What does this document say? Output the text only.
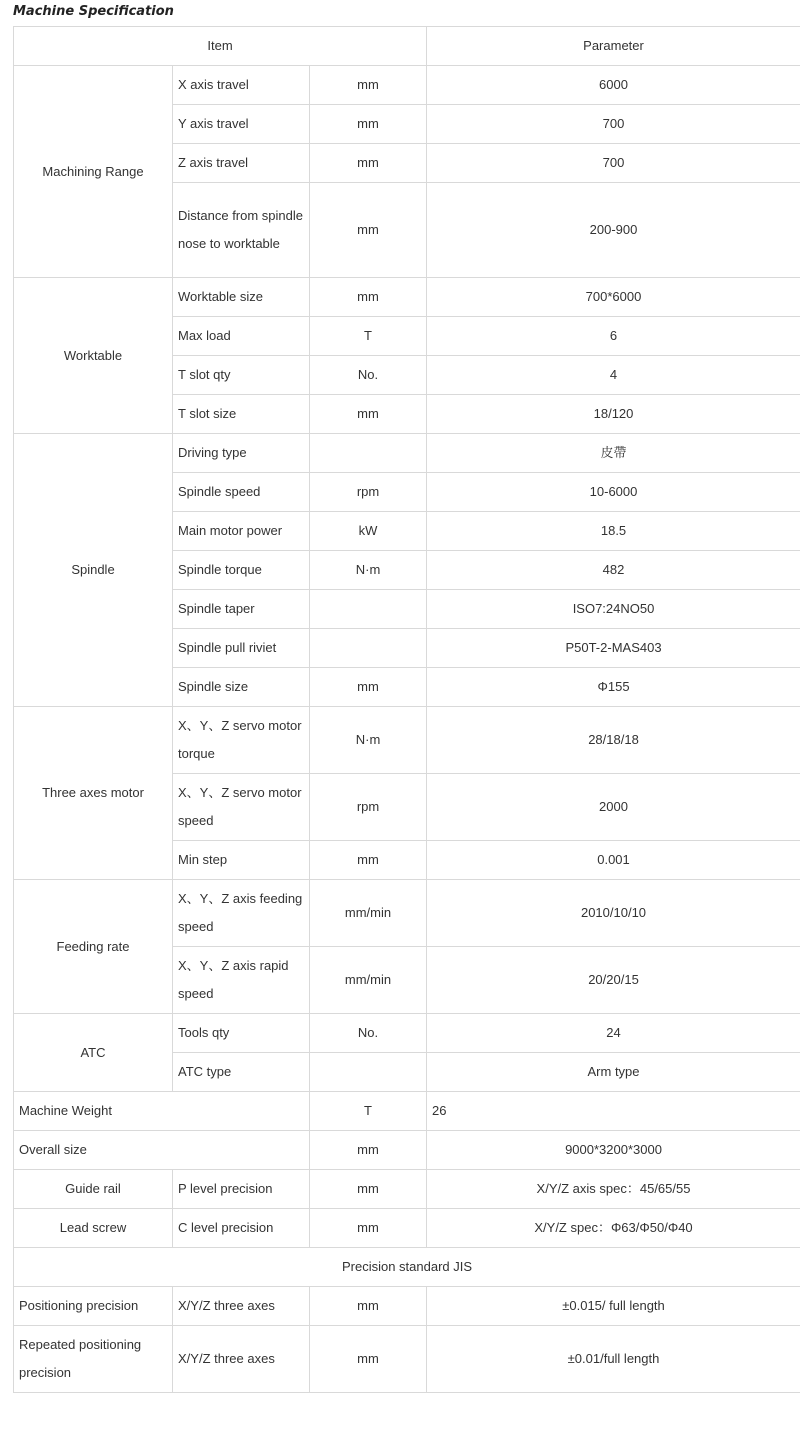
Machine Specification
Item			Parameter
Machining Range	X axis travel	mm	6000
	Y axis travel	mm	700
	Z axis travel	mm	700
	Distance from spindle nose to worktable	mm	200-900
Worktable	Worktable size	mm	700*6000
	Max load	T	6
	T slot qty	No.	4
	T slot size	mm	18/120
Spindle	Driving type		皮帶
	Spindle speed	rpm	10-6000
	Main motor power	kW	18.5
	Spindle torque	N·m	482
	Spindle taper		ISO7:24NO50
	Spindle pull riviet		P50T-2-MAS403
	Spindle size	mm	Φ155
Three axes motor	X、Y、Z servo motor torque	N·m	28/18/18
	X、Y、Z servo motor speed	rpm	2000
	Min step	mm	0.001
Feeding rate	X、Y、Z axis feeding speed	mm/min	2010/10/10
	X、Y、Z axis rapid speed	mm/min	20/20/15
ATC	Tools qty	No.	24
	ATC type		Arm type
Machine Weight		T	26
Overall size		mm	9000*3200*3000
Guide rail	P level precision	mm	X/Y/Z axis spec：45/65/55
Lead screw	C level precision	mm	X/Y/Z spec：Φ63/Φ50/Φ40
Precision standard JIS			
Positioning precision	X/Y/Z three axes	mm	±0.015/ full length
Repeated positioning precision	X/Y/Z three axes	mm	±0.01/full length
